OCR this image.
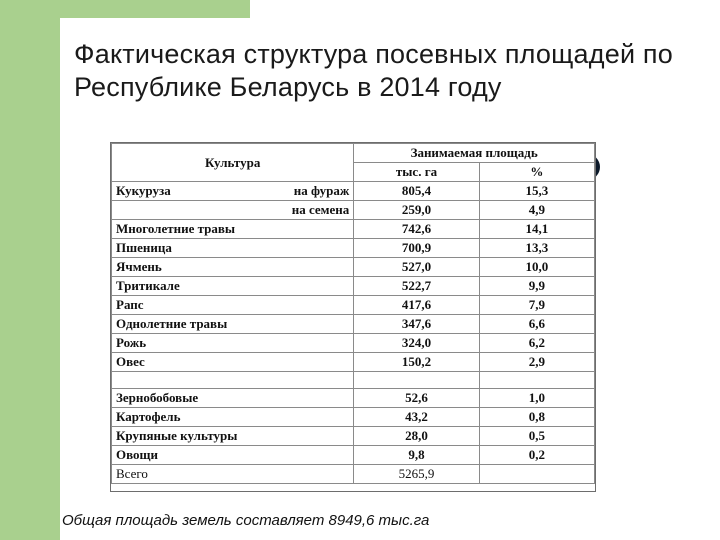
Фактическая структура посевных площадей по Республике Беларусь в 2014 году
Культура		Занимаемая площадь	
		тыс. га	%
Кукуруза	на фураж	805,4	15,3
	на семена	259,0	4,9
Многолетние травы		742,6	14,1
Пшеница		700,9	13,3
Ячмень		527,0	10,0
Тритикале		522,7	9,9
Рапс		417,6	7,9
Однолетние травы		347,6	6,6
Рожь		324,0	6,2
Овес		150,2	2,9

Зернобобовые		52,6	1,0
Картофель		43,2	0,8
Крупяные культуры		28,0	0,5
Овощи		9,8	0,2
Всего		5265,9	
Общая площадь земель составляет 8949,6 тыс.га
